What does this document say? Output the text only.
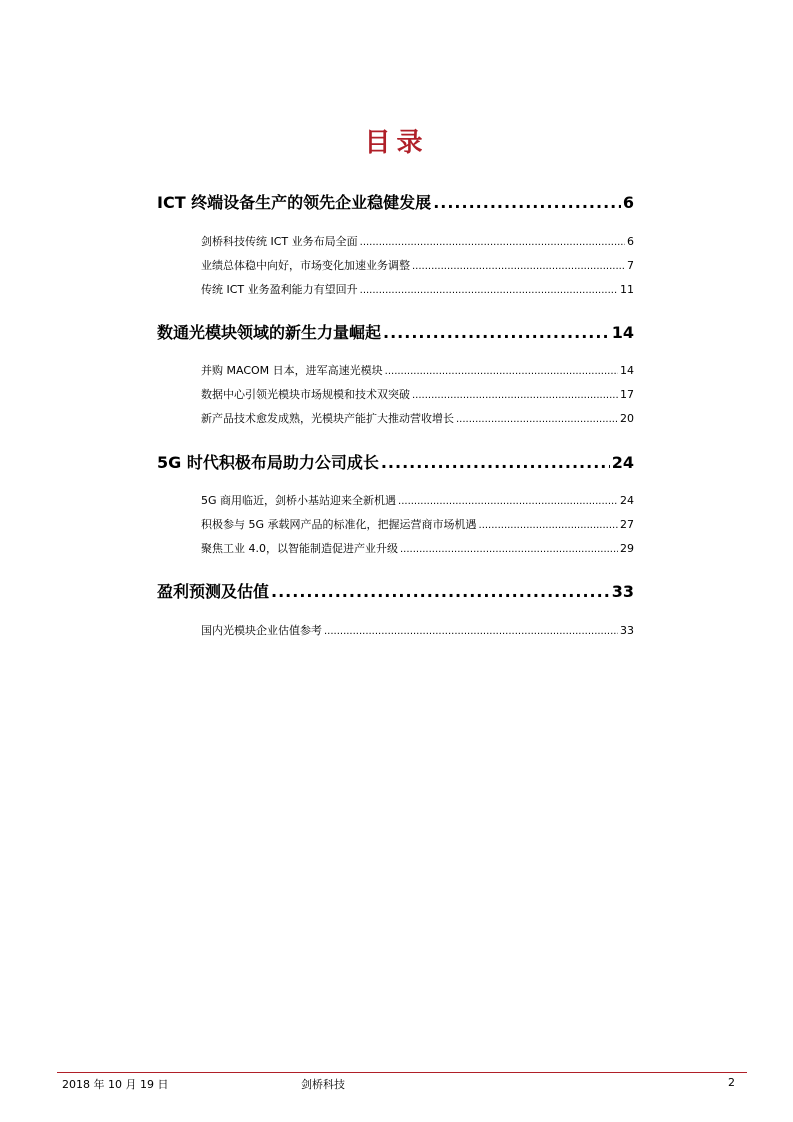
目录
ICT 终端设备生产的领先企业稳健发展 .....	6
剑桥科技传统 ICT 业务布局全面 .....	6
业绩总体稳中向好，市场变化加速业务调整 .....	7
传统 ICT 业务盈利能力有望回升 .....	11
数通光模块领域的新生力量崛起 .....	14
并购 MACOM 日本，进军高速光模块 .....	14
数据中心引领光模块市场规模和技术双突破 .....	17
新产品技术愈发成熟，光模块产能扩大推动营收增长 .....	20
5G 时代积极布局助力公司成长 .....	24
5G 商用临近，剑桥小基站迎来全新机遇 .....	24
积极参与 5G 承载网产品的标准化，把握运营商市场机遇 .....	27
聚焦工业 4.0，以智能制造促进产业升级 .....	29
盈利预测及估值 .....	33
国内光模块企业估值参考 .....	33
2018 年 10 月 19 日	剑桥科技	2
